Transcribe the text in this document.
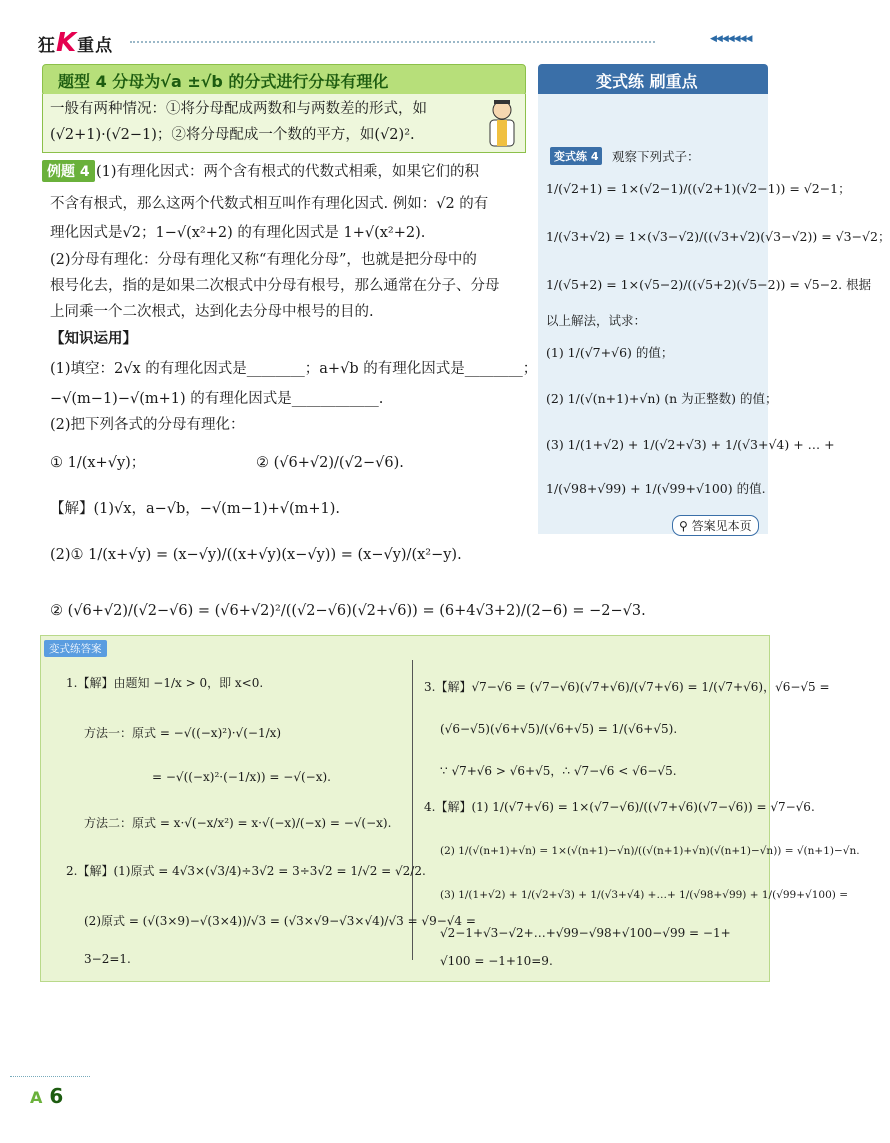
狂K重点	◀◀◀◀◀◀◀
题型 4 分母为√a ±√b 的分式进行分母有理化
一般有两种情况：①将分母配成两数和与两数差的形式，如
(√2+1)·(√2−1)；②将分母配成一个数的平方，如(√2)².
例题 4 (1)有理化因式：两个含有根式的代数式相乘，如果它们的积
不含有根式，那么这两个代数式相互叫作有理化因式. 例如：√2 的有
理化因式是√2；1−√(x²+2) 的有理化因式是 1+√(x²+2).
(2)分母有理化：分母有理化又称“有理化分母”，也就是把分母中的
根号化去，指的是如果二次根式中分母有根号，那么通常在分子、分母
上同乘一个二次根式，达到化去分母中根号的目的.
【知识运用】
(1)填空：2√x 的有理化因式是________；a+√b 的有理化因式是________；
−√(m−1)−√(m+1) 的有理化因式是____________.
(2)把下列各式的分母有理化：
① 1/(x+√y)；	② (√6+√2)/(√2−√6).
【解】(1)√x，a−√b，−√(m−1)+√(m+1).
(2)① 1/(x+√y) = (x−√y)/((x+√y)(x−√y)) = (x−√y)/(x²−y).
② (√6+√2)/(√2−√6) = (√6+√2)²/((√2−√6)(√2+√6)) = (6+4√3+2)/(2−6) = −2−√3.
变式练 刷重点
变式练 4	观察下列式子：
1/(√2+1) = 1×(√2−1)/((√2+1)(√2−1)) = √2−1；
1/(√3+√2) = 1×(√3−√2)/((√3+√2)(√3−√2)) = √3−√2；
1/(√5+2) = 1×(√5−2)/((√5+2)(√5−2)) = √5−2. 根据
以上解法，试求：
(1) 1/(√7+√6) 的值；
(2) 1/(√(n+1)+√n) (n 为正整数) 的值；
(3) 1/(1+√2) + 1/(√2+√3) + 1/(√3+√4) + … +
1/(√98+√99) + 1/(√99+√100) 的值.
⚲ 答案见本页
变式练答案
1.【解】由题知 −1/x > 0，即 x<0.
方法一：原式 = −√((−x)²)·√(−1/x)
= −√((−x)²·(−1/x)) = −√(−x).
方法二：原式 = x·√(−x/x²) = x·√(−x)/(−x) = −√(−x).
2.【解】(1)原式 = 4√3×(√3/4)÷3√2 = 3÷3√2 = 1/√2 = √2/2.
(2)原式 = (√(3×9)−√(3×4))/√3 = (√3×√9−√3×√4)/√3 = √9−√4 =
3−2=1.
3.【解】√7−√6 = (√7−√6)(√7+√6)/(√7+√6) = 1/(√7+√6)，√6−√5 =
(√6−√5)(√6+√5)/(√6+√5) = 1/(√6+√5).
∵ √7+√6 > √6+√5，∴ √7−√6 < √6−√5.
4.【解】(1) 1/(√7+√6) = 1×(√7−√6)/((√7+√6)(√7−√6)) = √7−√6.
(2) 1/(√(n+1)+√n) = 1×(√(n+1)−√n)/((√(n+1)+√n)(√(n+1)−√n)) = √(n+1)−√n.
(3) 1/(1+√2) + 1/(√2+√3) + 1/(√3+√4) +…+ 1/(√98+√99) + 1/(√99+√100) =
√2−1+√3−√2+…+√99−√98+√100−√99 = −1+
√100 = −1+10=9.
A 6
